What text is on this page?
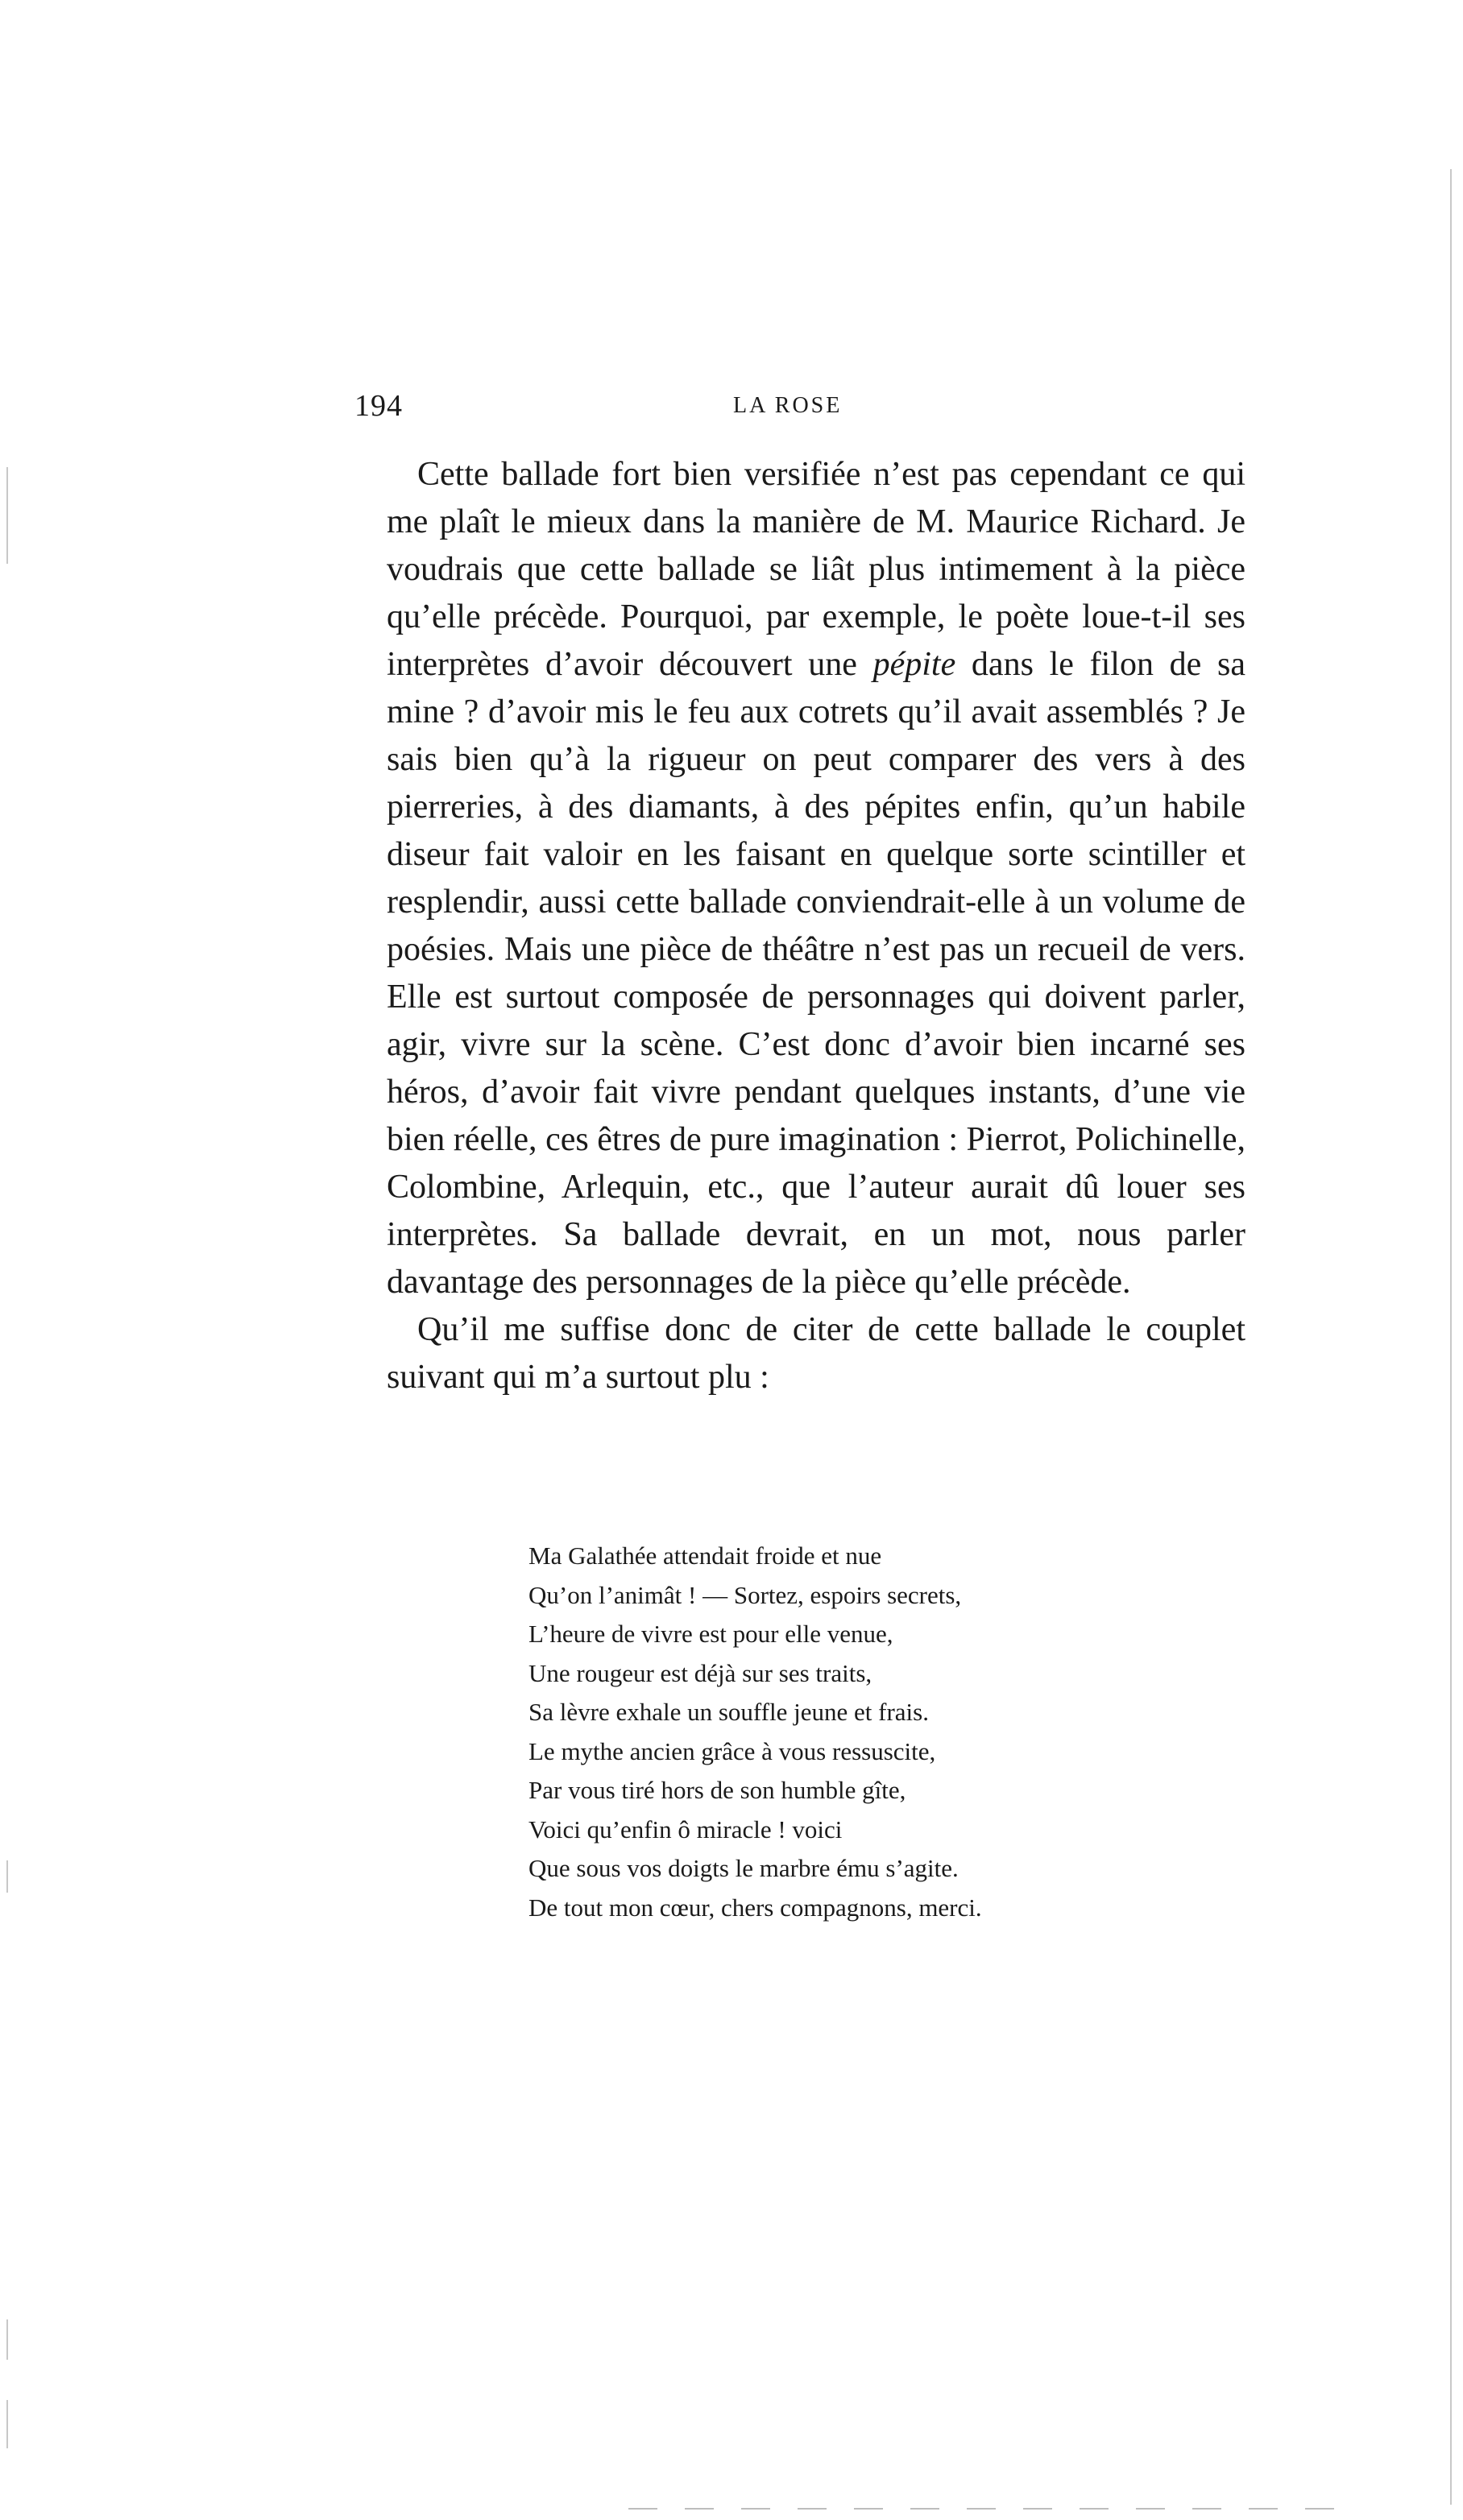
194	LA ROSE

Cette ballade fort bien versifiée n’est pas cependant ce qui me plaît le mieux dans la manière de M. Maurice Richard. Je voudrais que cette ballade se liât plus intimement à la pièce qu’elle précède. Pourquoi, par exemple, le poète loue-t-il ses interprètes d’avoir découvert une pépite dans le filon de sa mine ? d’avoir mis le feu aux cotrets qu’il avait assemblés ? Je sais bien qu’à la rigueur on peut comparer des vers à des pierreries, à des diamants, à des pépites enfin, qu’un habile diseur fait valoir en les faisant en quelque sorte scintiller et resplendir, aussi cette ballade conviendrait-elle à un volume de poésies. Mais une pièce de théâtre n’est pas un recueil de vers. Elle est surtout composée de personnages qui doivent parler, agir, vivre sur la scène. C’est donc d’avoir bien incarné ses héros, d’avoir fait vivre pendant quelques instants, d’une vie bien réelle, ces êtres de pure imagination : Pierrot, Polichinelle, Colombine, Arlequin, etc., que l’auteur aurait dû louer ses interprètes. Sa ballade devrait, en un mot, nous parler davantage des personnages de la pièce qu’elle précède.

Qu’il me suffise donc de citer de cette ballade le couplet suivant qui m’a surtout plu :

Ma Galathée attendait froide et nue
Qu’on l’animât ! — Sortez, espoirs secrets,
L’heure de vivre est pour elle venue,
Une rougeur est déjà sur ses traits,
Sa lèvre exhale un souffle jeune et frais.
Le mythe ancien grâce à vous ressuscite,
Par vous tiré hors de son humble gîte,
Voici qu’enfin ô miracle ! voici
Que sous vos doigts le marbre ému s’agite.
De tout mon cœur, chers compagnons, merci.
